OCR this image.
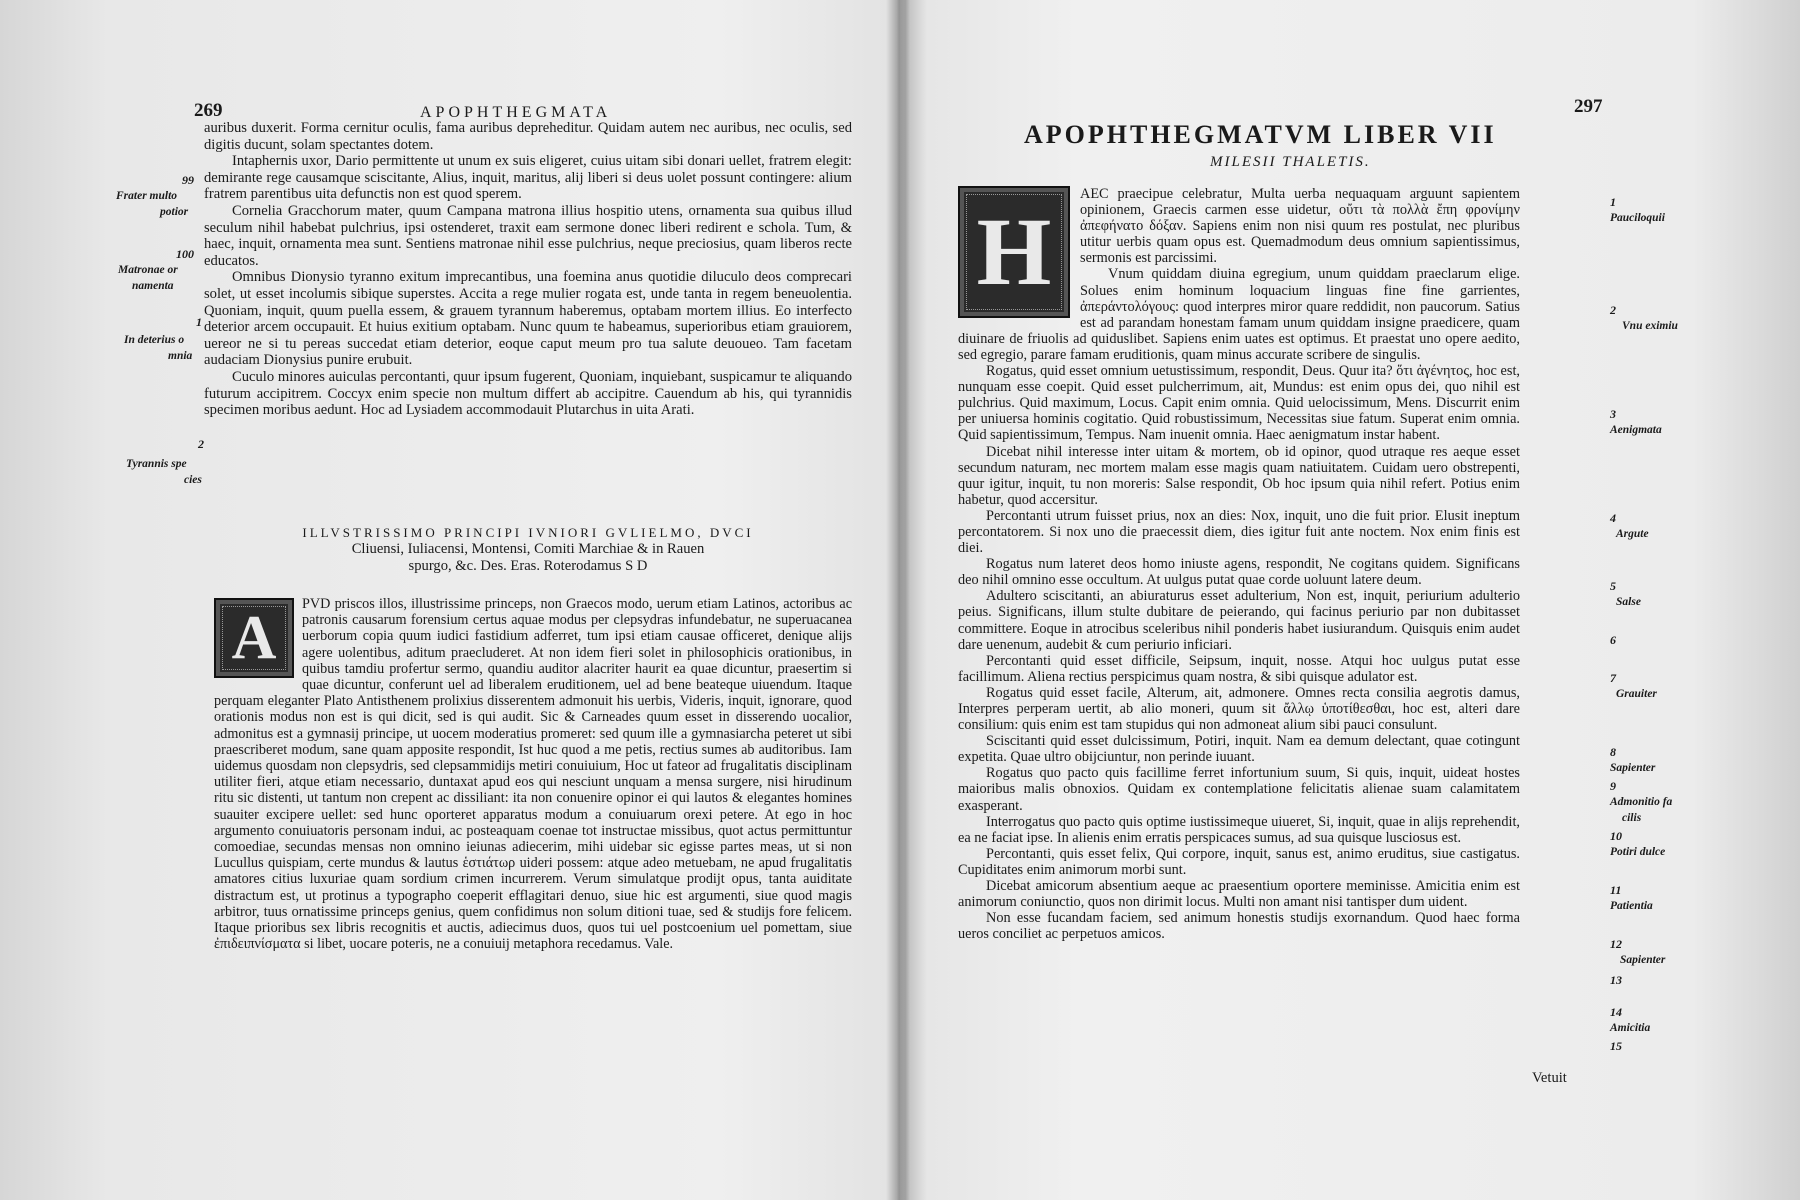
269	APOPHTHEGMATA
99
Frater multo
potior
100
Matronae or
namenta
1
In deterius o
mnia
2
Tyrannis spe
cies

auribus duxerit. Forma cernitur oculis, fama auribus depreheditur. Quidam autem nec auribus, nec oculis, sed digitis ducunt, solam spectantes dotem.

Intaphernis uxor, Dario permittente ut unum ex suis eligeret, cuius uitam sibi donari uellet, fratrem elegit: demirante rege causamque sciscitante, Alius, inquit, maritus, alij liberi si deus uolet possunt contingere: alium fratrem parentibus uita defunctis non est quod sperem.

Cornelia Gracchorum mater, quum Campana matrona illius hospitio utens, ornamenta sua quibus illud seculum nihil habebat pulchrius, ipsi ostenderet, traxit eam sermone donec liberi redirent e schola. Tum, & haec, inquit, ornamenta mea sunt. Sentiens matronae nihil esse pulchrius, neque preciosius, quam liberos recte educatos.

Omnibus Dionysio tyranno exitum imprecantibus, una foemina anus quotidie diluculo deos comprecari solet, ut esset incolumis sibique superstes. Accita a rege mulier rogata est, unde tanta in regem beneuolentia. Quoniam, inquit, quum puella essem, & grauem tyrannum haberemus, optabam mortem illius. Eo interfecto deterior arcem occupauit. Et huius exitium optabam. Nunc quum te habeamus, superioribus etiam grauiorem, uereor ne si tu pereas succedat etiam deterior, eoque caput meum pro tua salute deuoueo. Tam facetam audaciam Dionysius punire erubuit.

Cuculo minores auiculas percontanti, quur ipsum fugerent, Quoniam, inquiebant, suspicamur te aliquando futurum accipitrem. Coccyx enim specie non multum differt ab accipitre. Cauendum ab his, qui tyrannidis specimen moribus aedunt. Hoc ad Lysiadem accommodauit Plutarchus in uita Arati.

ILLVSTRISSIMO PRINCIPI IVNIORI GVLIELMO, DVCI
Cliuensi, Iuliacensi, Montensi, Comiti Marchiae & in Rauen
spurgo, &c. Des. Eras. Roterodamus S D
A	PVD priscos illos, illustrissime princeps, non Graecos modo, uerum etiam Latinos, actoribus ac patronis causarum forensium certus aquae modus per clepsydras infundebatur, ne superuacanea uerborum copia quum iudici fastidium adferret, tum ipsi etiam causae officeret, denique alijs agere uolentibus, aditum praecluderet. At non idem fieri solet in philosophicis orationibus, in quibus tamdiu profertur sermo, quandiu auditor alacriter haurit ea quae dicuntur, praesertim si quae dicuntur, conferunt uel ad liberalem eruditionem, uel ad bene beateque uiuendum. Itaque perquam eleganter Plato Antisthenem prolixius disserentem admonuit his uerbis, Videris, inquit, ignorare, quod orationis modus non est is qui dicit, sed is qui audit. Sic & Carneades quum esset in disserendo uocalior, admonitus est a gymnasij principe, ut uocem moderatius promeret: sed quum ille a gymnasiarcha peteret ut sibi praescriberet modum, sane quam apposite respondit, Ist huc quod a me petis, rectius sumes ab auditoribus. Iam uidemus quosdam non clepsydris, sed clepsammidijs metiri conuiuium, Hoc ut fateor ad frugalitatis disciplinam utiliter fieri, atque etiam necessario, duntaxat apud eos qui nesciunt unquam a mensa surgere, nisi hirudinum ritu sic distenti, ut tantum non crepent ac dissiliant: ita non conuenire opinor ei qui lautos & elegantes homines suauiter excipere uellet: sed hunc oporteret apparatus modum a conuiuarum orexi petere. At ego in hoc argumento conuiuatoris personam indui, ac posteaquam coenae tot instructae missibus, quot actus permittuntur comoediae, secundas mensas non omnino ieiunas adiecerim, mihi uidebar sic egisse partes meas, ut si non Lucullus quispiam, certe mundus & lautus ἑστιάτωρ uideri possem: atque adeo metuebam, ne apud frugalitatis amatores citius luxuriae quam sordium crimen incurrerem. Verum simulatque prodijt opus, tanta auiditate distractum est, ut protinus a typographo coeperit efflagitari denuo, siue hic est argumenti, siue quod magis arbitror, tuus ornatissime princeps genius, quem confidimus non solum ditioni tuae, sed & studijs fore felicem. Itaque prioribus sex libris recognitis et auctis, adiecimus duos, quos tui uel postcoenium uel pomettam, siue ἐπιδειπνίσματα si libet, uocare poteris, ne a conuiuij metaphora recedamus. Vale.
297
APOPHTHEGMATVM LIBER VII
MILESII THALETIS.

H
AEC praecipue celebratur, Multa uerba nequaquam arguunt sapientem opinionem, Graecis carmen esse uidetur, οὔτι τὰ πολλὰ ἔπη φρονίμην ἀπεφήνατο δόξαν. Sapiens enim non nisi quum res postulat, nec pluribus utitur uerbis quam opus est. Quemadmodum deus omnium sapientissimus, sermonis est parcissimi.

Vnum quiddam diuina egregium, unum quiddam praeclarum elige. Solues enim hominum loquacium linguas fine fine garrientes, ἀπεράντολόγους: quod interpres miror quare reddidit, non paucorum. Satius est ad parandam honestam famam unum quiddam insigne praedicere, quam diuinare de friuolis ad quiduslibet. Sapiens enim uates est optimus. Et praestat uno opere aedito, sed egregio, parare famam eruditionis, quam minus accurate scribere de singulis.

Rogatus, quid esset omnium uetustissimum, respondit, Deus. Quur ita? ὅτι ἀγένητος, hoc est, nunquam esse coepit. Quid esset pulcherrimum, ait, Mundus: est enim opus dei, quo nihil est pulchrius. Quid maximum, Locus. Capit enim omnia. Quid uelocissimum, Mens. Discurrit enim per uniuersa hominis cogitatio. Quid robustissimum, Necessitas siue fatum. Superat enim omnia. Quid sapientissimum, Tempus. Nam inuenit omnia. Haec aenigmatum instar habent.

Dicebat nihil interesse inter uitam & mortem, ob id opinor, quod utraque res aeque esset secundum naturam, nec mortem malam esse magis quam natiuitatem. Cuidam uero obstrepenti, quur igitur, inquit, tu non moreris: Salse respondit, Ob hoc ipsum quia nihil refert. Potius enim habetur, quod accersitur.

Percontanti utrum fuisset prius, nox an dies: Nox, inquit, uno die fuit prior. Elusit ineptum percontatorem. Si nox uno die praecessit diem, dies igitur fuit ante noctem. Nox enim finis est diei.

Rogatus num lateret deos homo iniuste agens, respondit, Ne cogitans quidem. Significans deo nihil omnino esse occultum. At uulgus putat quae corde uoluunt latere deum.

Adultero sciscitanti, an abiuraturus esset adulterium, Non est, inquit, periurium adulterio peius. Significans, illum stulte dubitare de peierando, qui facinus periurio par non dubitasset committere. Eoque in atrocibus sceleribus nihil ponderis habet iusiurandum. Quisquis enim audet dare uenenum, audebit & cum periurio inficiari.

Percontanti quid esset difficile, Seipsum, inquit, nosse. Atqui hoc uulgus putat esse facillimum. Aliena rectius perspicimus quam nostra, & sibi quisque adulator est.

Rogatus quid esset facile, Alterum, ait, admonere. Omnes recta consilia aegrotis damus, Interpres perperam uertit, ab alio moneri, quum sit ἄλλῳ ὑποτίθεσθαι, hoc est, alteri dare consilium: quis enim est tam stupidus qui non admoneat alium sibi pauci consulunt.

Sciscitanti quid esset dulcissimum, Potiri, inquit. Nam ea demum delectant, quae cotingunt expetita. Quae ultro obijciuntur, non perinde iuuant.

Rogatus quo pacto quis facillime ferret infortunium suum, Si quis, inquit, uideat hostes maioribus malis obnoxios. Quidam ex contemplatione felicitatis alienae suam calamitatem exasperant.

Interrogatus quo pacto quis optime iustissimeque uiueret, Si, inquit, quae in alijs reprehendit, ea ne faciat ipse. In alienis enim erratis perspicaces sumus, ad sua quisque lusciosus est.

Percontanti, quis esset felix, Qui corpore, inquit, sanus est, animo eruditus, siue castigatus. Cupiditates enim animorum morbi sunt.

Dicebat amicorum absentium aeque ac praesentium oportere meminisse. Amicitia enim est animorum coniunctio, quos non dirimit locus. Multi non amant nisi tantisper dum uident.

Non esse fucandam faciem, sed animum honestis studijs exornandum. Quod haec forma ueros conciliet ac perpetuos amicos.

Vetuit
1
Pauciloquii
2
Vnu eximiu
3
Aenigmata
4
Argute
5
Salse
6
7
Grauiter
8
Sapienter
9
Admonitio fa
cilis
10
Potiri dulce
11
Patientia
12
Sapienter
13
14
Amicitia
15
